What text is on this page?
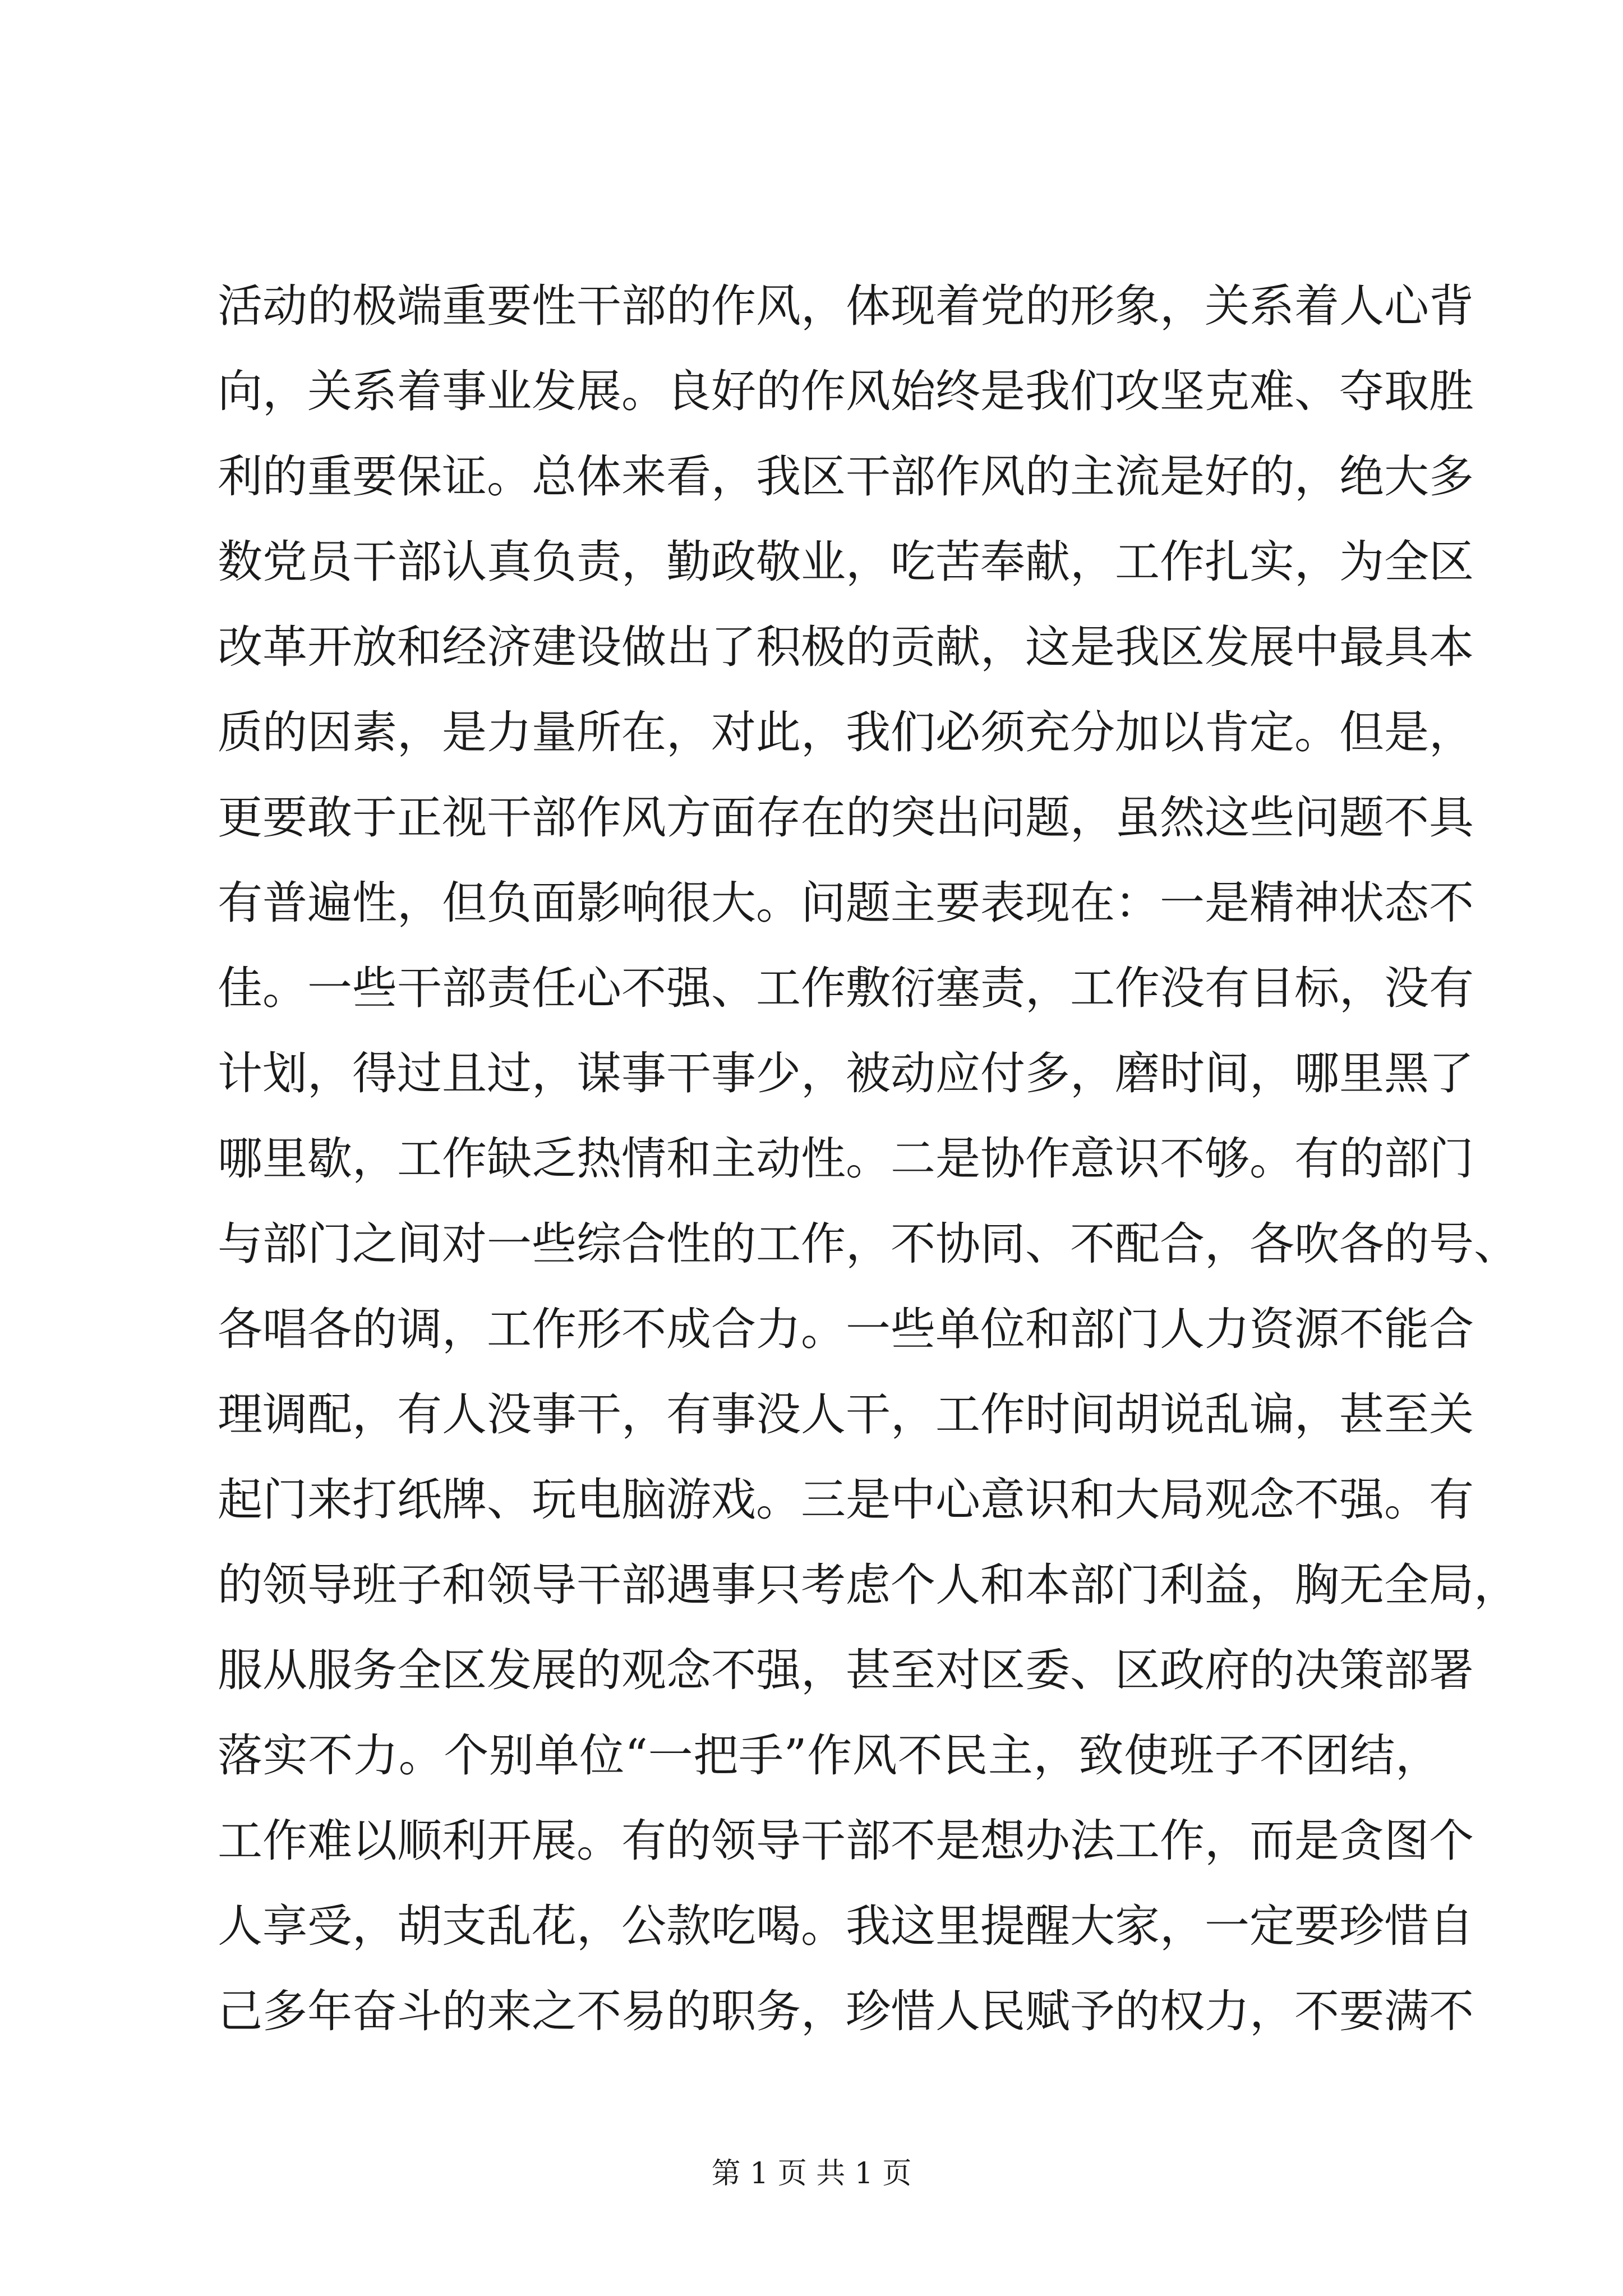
活动的极端重要性干部的作风，体现着党的形象，关系着人心背
向，关系着事业发展。良好的作风始终是我们攻坚克难、夺取胜
利的重要保证。总体来看，我区干部作风的主流是好的，绝大多
数党员干部认真负责，勤政敬业，吃苦奉献，工作扎实，为全区
改革开放和经济建设做出了积极的贡献，这是我区发展中最具本
质的因素，是力量所在，对此，我们必须充分加以肯定。但是，
更要敢于正视干部作风方面存在的突出问题，虽然这些问题不具
有普遍性，但负面影响很大。问题主要表现在：一是精神状态不
佳。一些干部责任心不强、工作敷衍塞责，工作没有目标，没有
计划，得过且过，谋事干事少，被动应付多，磨时间，哪里黑了
哪里歇，工作缺乏热情和主动性。二是协作意识不够。有的部门
与部门之间对一些综合性的工作，不协同、不配合，各吹各的号、
各唱各的调，工作形不成合力。一些单位和部门人力资源不能合
理调配，有人没事干，有事没人干，工作时间胡说乱谝，甚至关
起门来打纸牌、玩电脑游戏。三是中心意识和大局观念不强。有
的领导班子和领导干部遇事只考虑个人和本部门利益，胸无全局，
服从服务全区发展的观念不强，甚至对区委、区政府的决策部署
落实不力。个别单位“一把手”作风不民主，致使班子不团结，
工作难以顺利开展。有的领导干部不是想办法工作，而是贪图个
人享受，胡支乱花，公款吃喝。我这里提醒大家，一定要珍惜自
己多年奋斗的来之不易的职务，珍惜人民赋予的权力，不要满不
第 1 页 共 1 页
